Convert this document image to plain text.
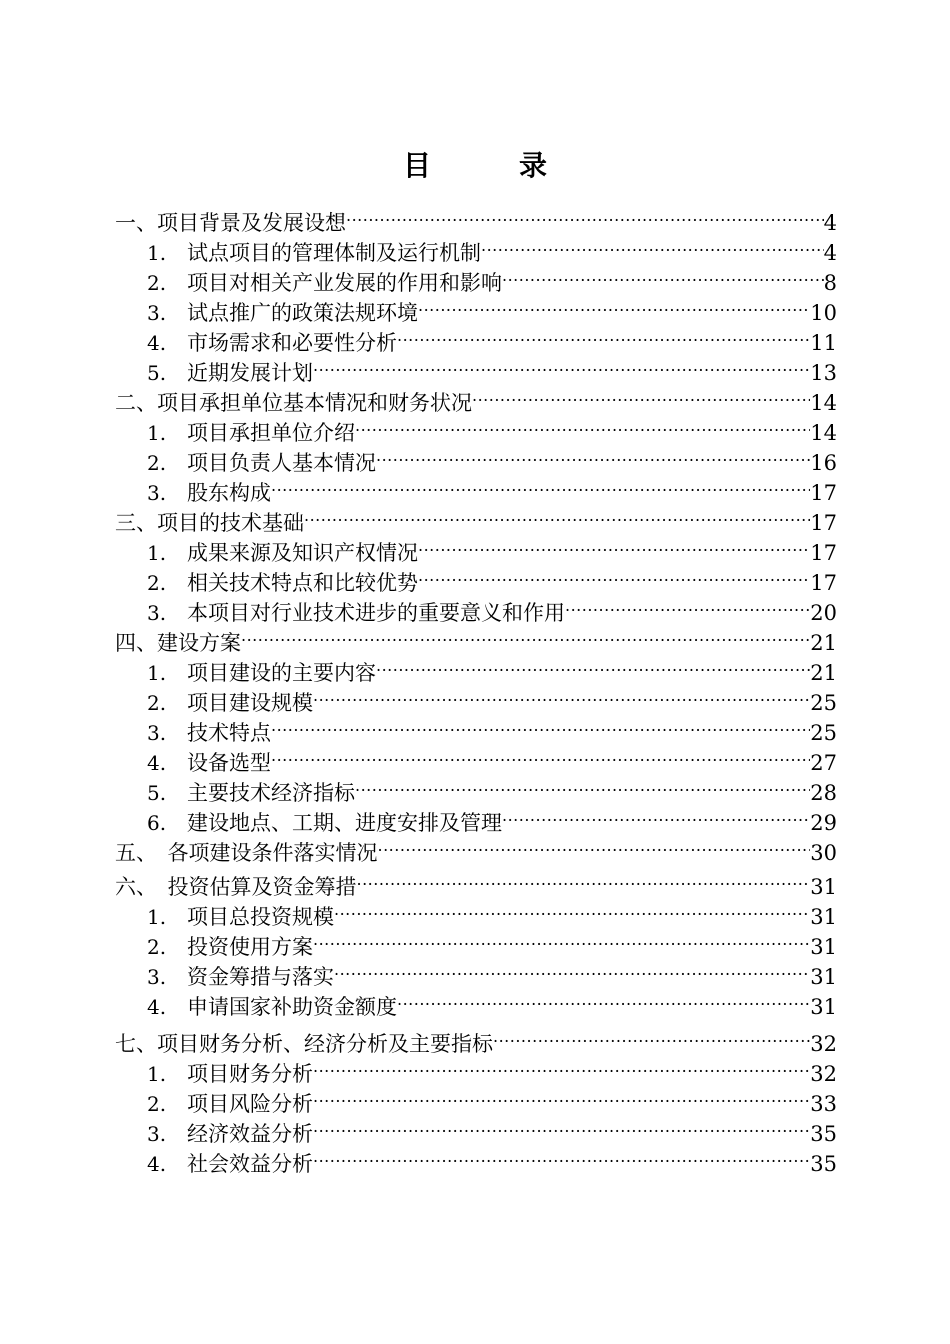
目　录
一、 项目背景及发展设想 .....	4
1. 试点项目的管理体制及运行机制 .....	4
2. 项目对相关产业发展的作用和影响 .....	8
3. 试点推广的政策法规环境 .....	10
4. 市场需求和必要性分析 .....	11
5. 近期发展计划 .....	13
二、 项目承担单位基本情况和财务状况 .....	14
1. 项目承担单位介绍 .....	14
2. 项目负责人基本情况 .....	16
3. 股东构成 .....	17
三、 项目的技术基础 .....	17
1. 成果来源及知识产权情况 .....	17
2. 相关技术特点和比较优势 .....	17
3. 本项目对行业技术进步的重要意义和作用 .....	20
四、 建设方案 .....	21
1. 项目建设的主要内容 .....	21
2. 项目建设规模 .....	25
3. 技术特点 .....	25
4. 设备选型 .....	27
5. 主要技术经济指标 .....	28
6. 建设地点、工期、进度安排及管理 .....	29
五、　 各项建设条件落实情况 .....	30
六、　 投资估算及资金筹措 .....	31
1. 项目总投资规模 .....	31
2. 投资使用方案 .....	31
3. 资金筹措与落实 .....	31
4. 申请国家补助资金额度 .....	31
七、 项目财务分析、经济分析及主要指标 .....	32
1. 项目财务分析 .....	32
2. 项目风险分析 .....	33
3. 经济效益分析 .....	35
4. 社会效益分析 .....	35
